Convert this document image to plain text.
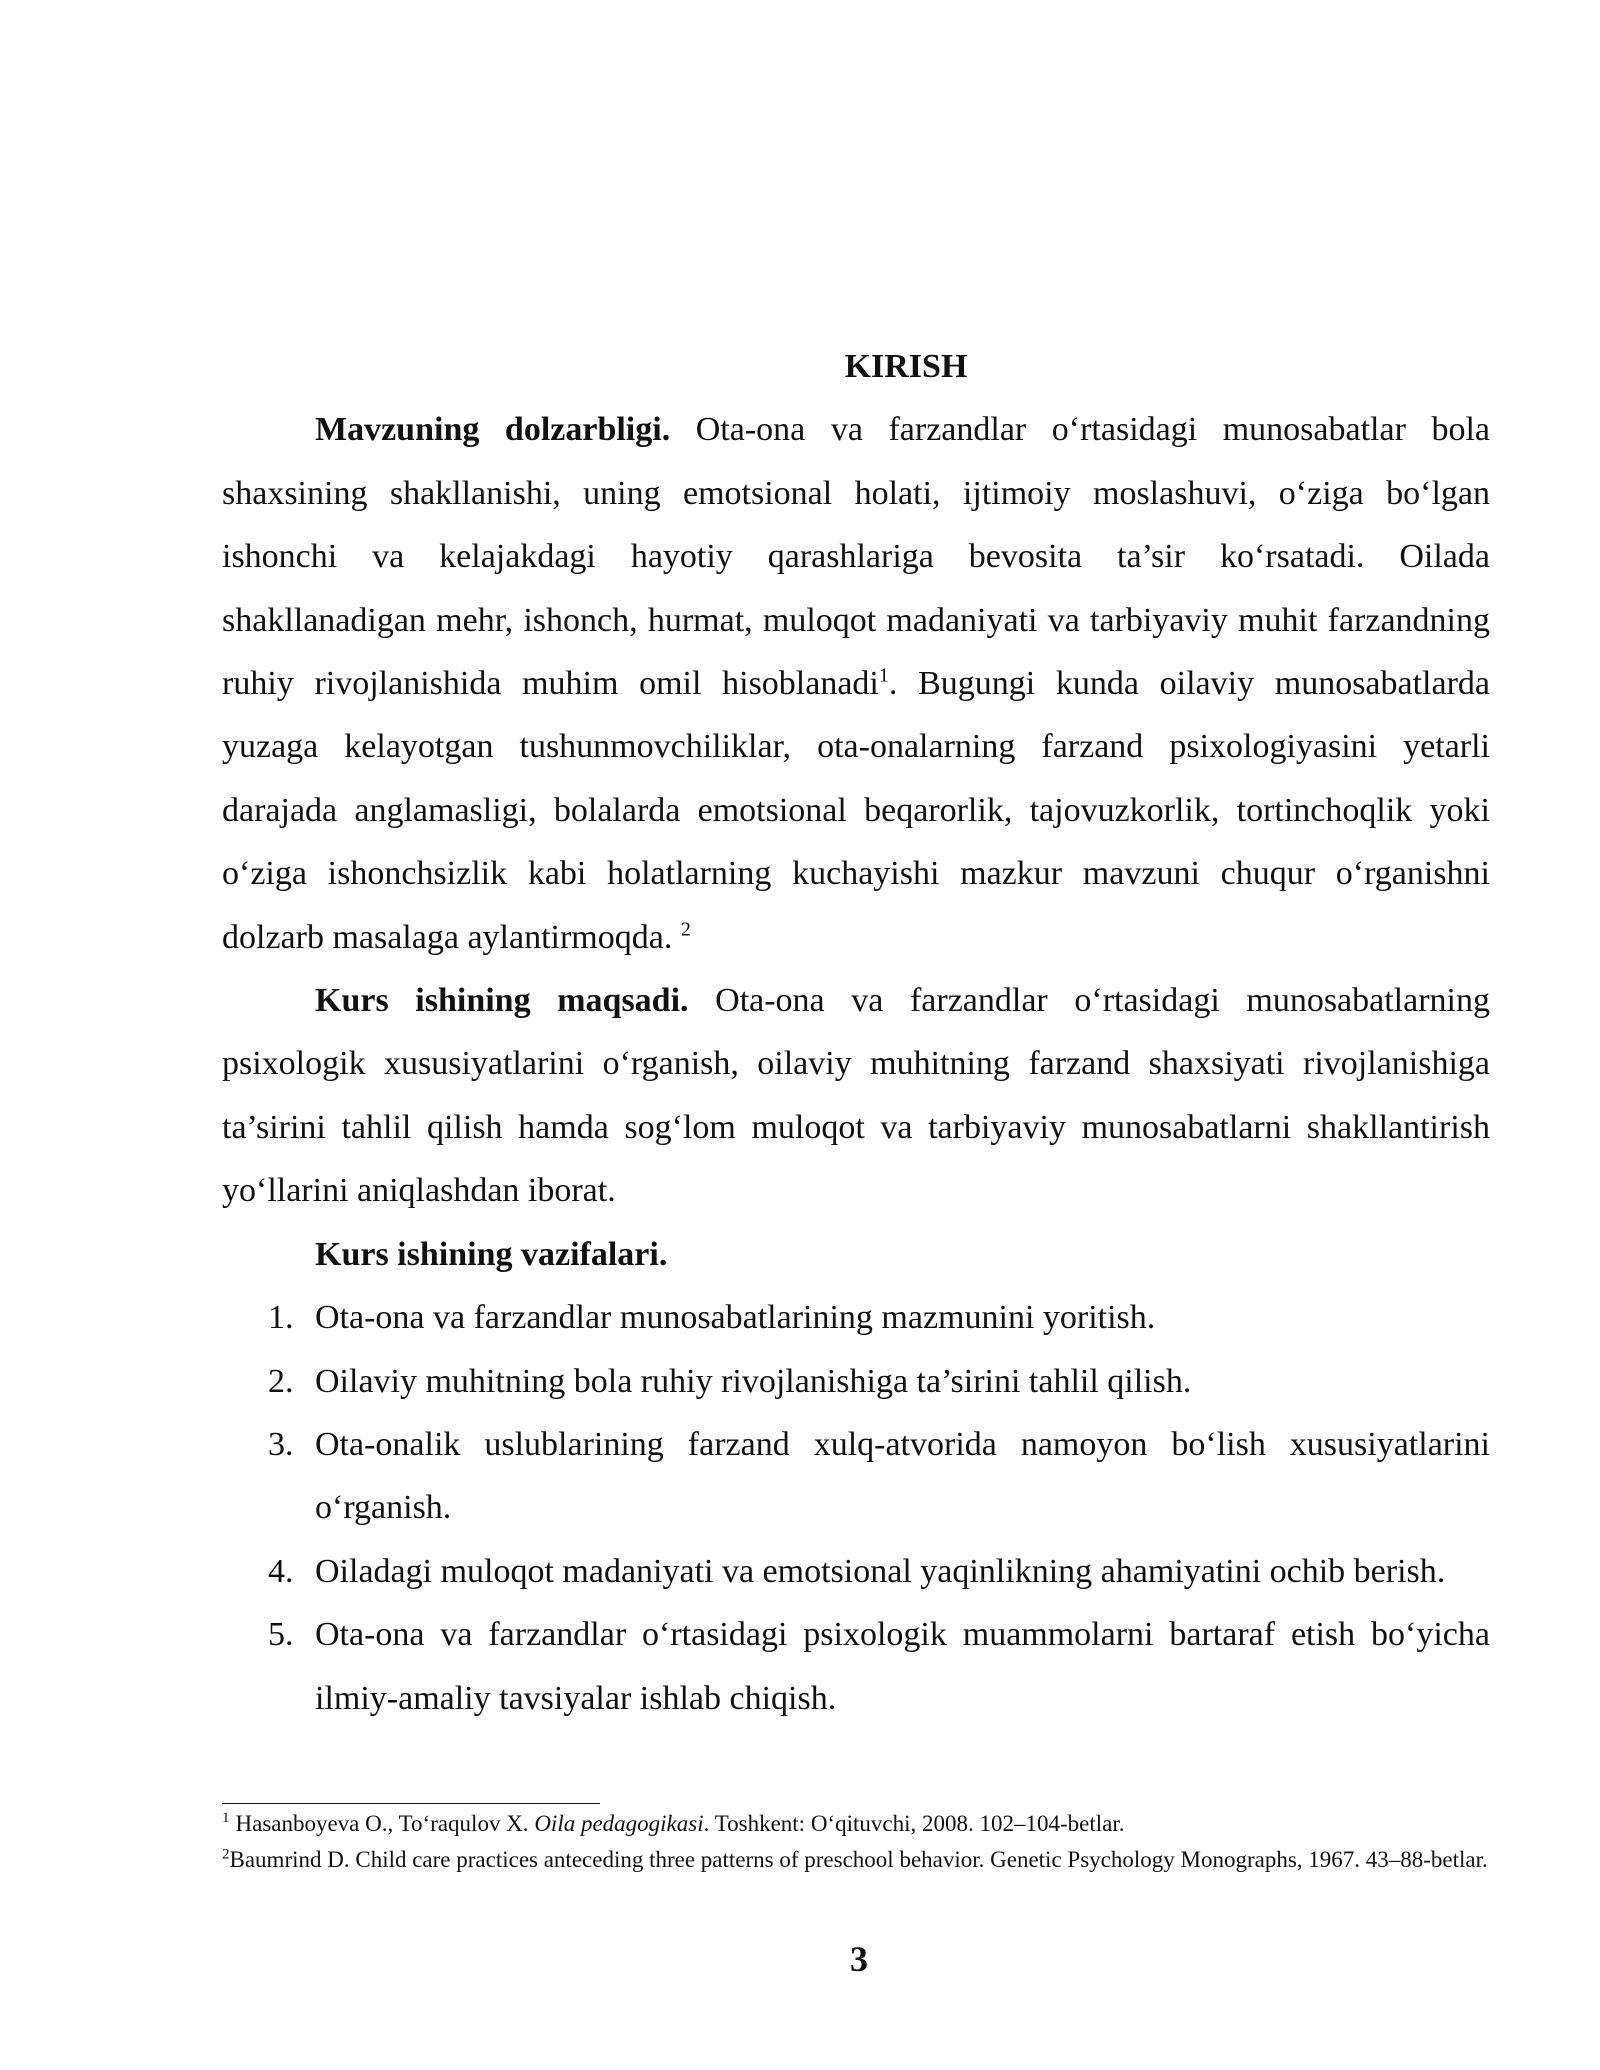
KIRISH

Mavzuning dolzarbligi. Ota-ona va farzandlar o‘rtasidagi munosabatlar bola shaxsining shakllanishi, uning emotsional holati, ijtimoiy moslashuvi, o‘ziga bo‘lgan ishonchi va kelajakdagi hayotiy qarashlariga bevosita ta’sir ko‘rsatadi. Oilada shakllanadigan mehr, ishonch, hurmat, muloqot madaniyati va tarbiyaviy muhit farzandning ruhiy rivojlanishida muhim omil hisoblanadi$^1$. Bugungi kunda oilaviy munosabatlarda yuzaga kelayotgan tushunmovchiliklar, ota-onalarning farzand psixologiyasini yetarli darajada anglamasligi, bolalarda emotsional beqarorlik, tajovuzkorlik, tortinchoqlik yoki o‘ziga ishonchsizlik kabi holatlarning kuchayishi mazkur mavzuni chuqur o‘rganishni dolzarb masalaga aylantirmoqda. $^2$

Kurs ishining maqsadi. Ota-ona va farzandlar o‘rtasidagi munosabatlarning psixologik xususiyatlarini o‘rganish, oilaviy muhitning farzand shaxsiyati rivojlanishiga ta’sirini tahlil qilish hamda sog‘lom muloqot va tarbiyaviy munosabatlarni shakllantirish yo‘llarini aniqlashdan iborat.

Kurs ishining vazifalari.
1. Ota-ona va farzandlar munosabatlarining mazmunini yoritish.
2. Oilaviy muhitning bola ruhiy rivojlanishiga ta’sirini tahlil qilish.
3. Ota-onalik uslublarining farzand xulq-atvorida namoyon bo‘lish xususiyatlarini o‘rganish.
4. Oiladagi muloqot madaniyati va emotsional yaqinlikning ahamiyatini ochib berish.
5. Ota-ona va farzandlar o‘rtasidagi psixologik muammolarni bartaraf etish bo‘yicha ilmiy-amaliy tavsiyalar ishlab chiqish.
$^1$ Hasanboyeva O., To‘raqulov X. Oila pedagogikasi. Toshkent: O‘qituvchi, 2008. 102–104-betlar.
$^2$Baumrind D. Child care practices anteceding three patterns of preschool behavior. Genetic Psychology Monographs, 1967. 43–88-betlar.
3
